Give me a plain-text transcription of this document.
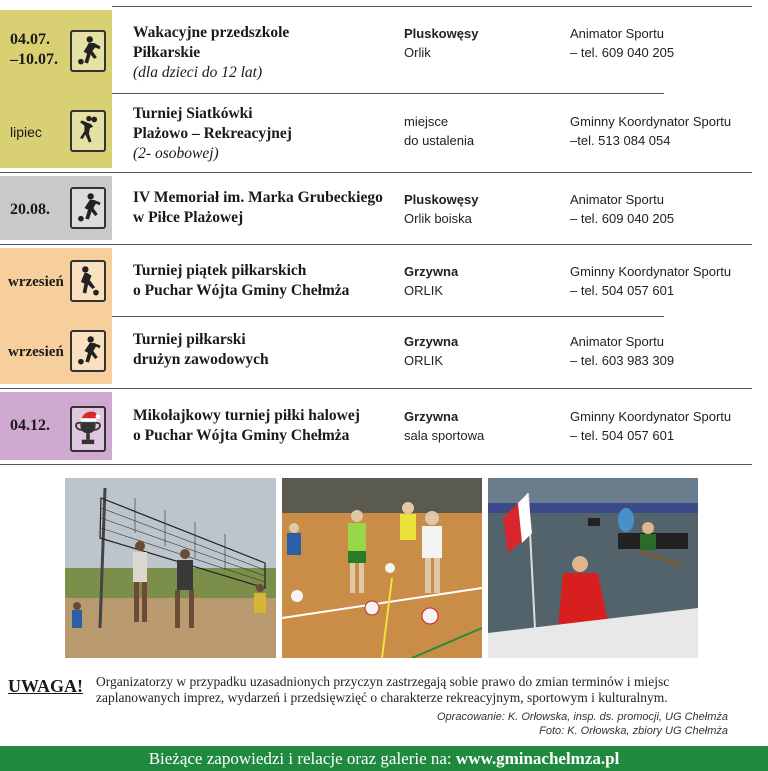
04.07.
–10.07.
Wakacyjne przedszkole
Piłkarskie
(dla dzieci do 12 lat)
Pluskowęsy
Orlik
Animator Sportu
– tel. 609 040 205
lipiec
Turniej Siatkówki
Plażowo – Rekreacyjnej
(2- osobowej)
miejsce
do ustalenia
Gminny Koordynator Sportu
–tel. 513 084 054
20.08.
IV Memoriał im. Marka Grubeckiego
w Piłce Plażowej
Pluskowęsy
Orlik boiska
Animator Sportu
– tel. 609 040 205
wrzesień
Turniej piątek piłkarskich
o Puchar Wójta Gminy Chełmża
Grzywna
ORLIK
Gminny Koordynator Sportu
– tel. 504 057 601
wrzesień
Turniej piłkarski
drużyn zawodowych
Grzywna
ORLIK
Animator Sportu
– tel. 603 983 309
04.12.
Mikołajkowy turniej piłki halowej
o Puchar Wójta Gminy Chełmża
Grzywna
sala sportowa
Gminny Koordynator Sportu
– tel. 504 057 601
UWAGA! Organizatorzy w przypadku uzasadnionych przyczyn zastrzegają sobie prawo do zmian terminów i miejsc zaplanowanych imprez, wydarzeń i przedsięwzięć o charakterze rekreacyjnym, sportowym i kulturalnym.
Opracowanie: K. Orłowska, insp. ds. promocji, UG Chełmża
Foto: K. Orłowska, zbiory UG Chełmża
Bieżące zapowiedzi i relacje oraz galerie na: www.gminachelmza.pl
